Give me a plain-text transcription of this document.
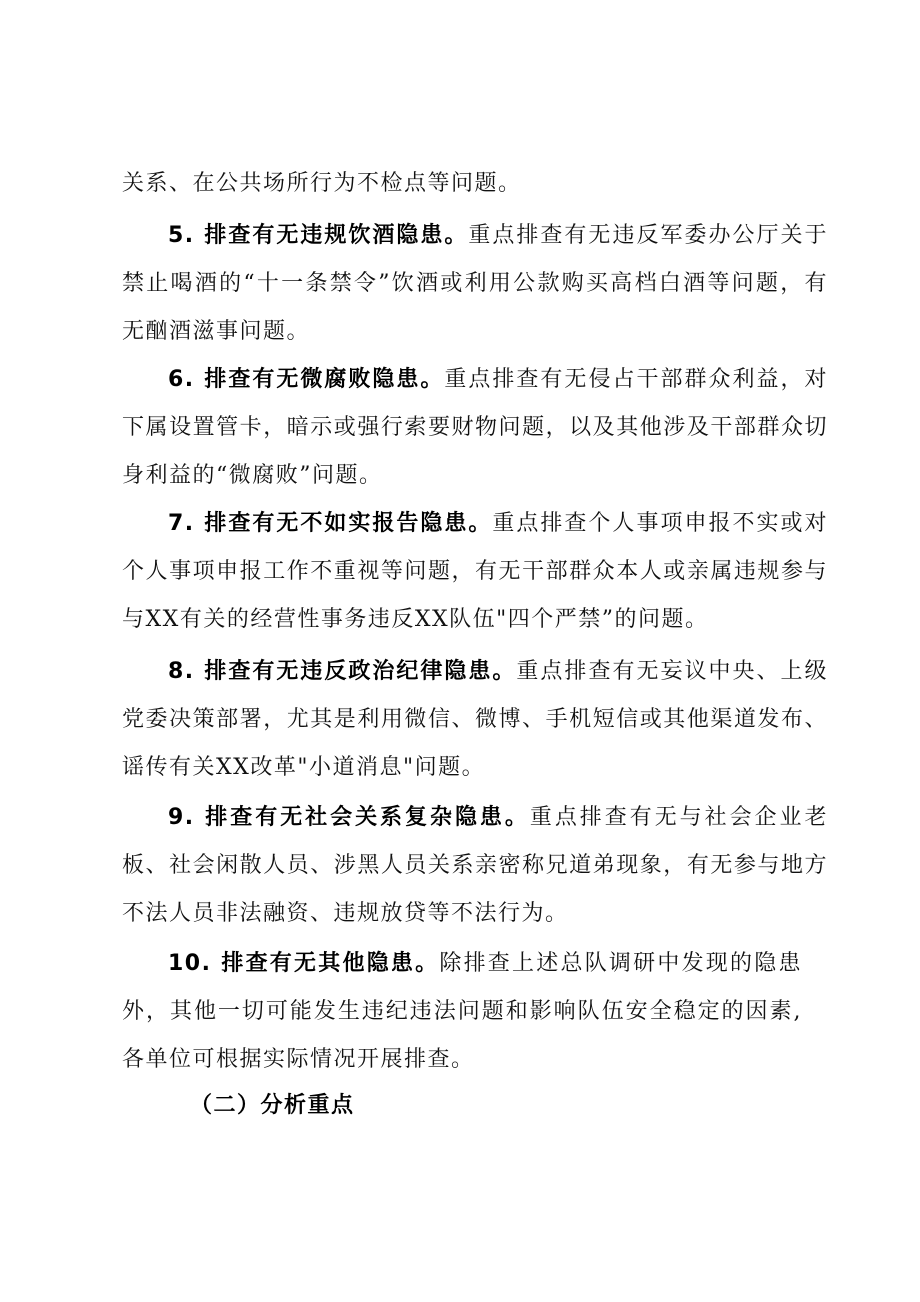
关系、在公共场所行为不检点等问题。

5. 排查有无违规饮酒隐患。重点排查有无违反军委办公厅关于禁止喝酒的“十一条禁令”饮酒或利用公款购买高档白酒等问题，有无酗酒滋事问题。

6. 排查有无微腐败隐患。重点排查有无侵占干部群众利益，对下属设置管卡，暗示或强行索要财物问题，以及其他涉及干部群众切身利益的“微腐败”问题。

7. 排查有无不如实报告隐患。重点排查个人事项申报不实或对个人事项申报工作不重视等问题，有无干部群众本人或亲属违规参与与XX有关的经营性事务违反XX队伍"四个严禁”的问题。

8. 排查有无违反政治纪律隐患。重点排查有无妄议中央、上级党委决策部署，尤其是利用微信、微博、手机短信或其他渠道发布、谣传有关XX改革"小道消息"问题。

9. 排查有无社会关系复杂隐患。重点排查有无与社会企业老板、社会闲散人员、涉黑人员关系亲密称兄道弟现象，有无参与地方不法人员非法融资、违规放贷等不法行为。

10. 排查有无其他隐患。除排查上述总队调研中发现的隐患外，其他一切可能发生违纪违法问题和影响队伍安全稳定的因素,各单位可根据实际情况开展排查。

（二）分析重点
